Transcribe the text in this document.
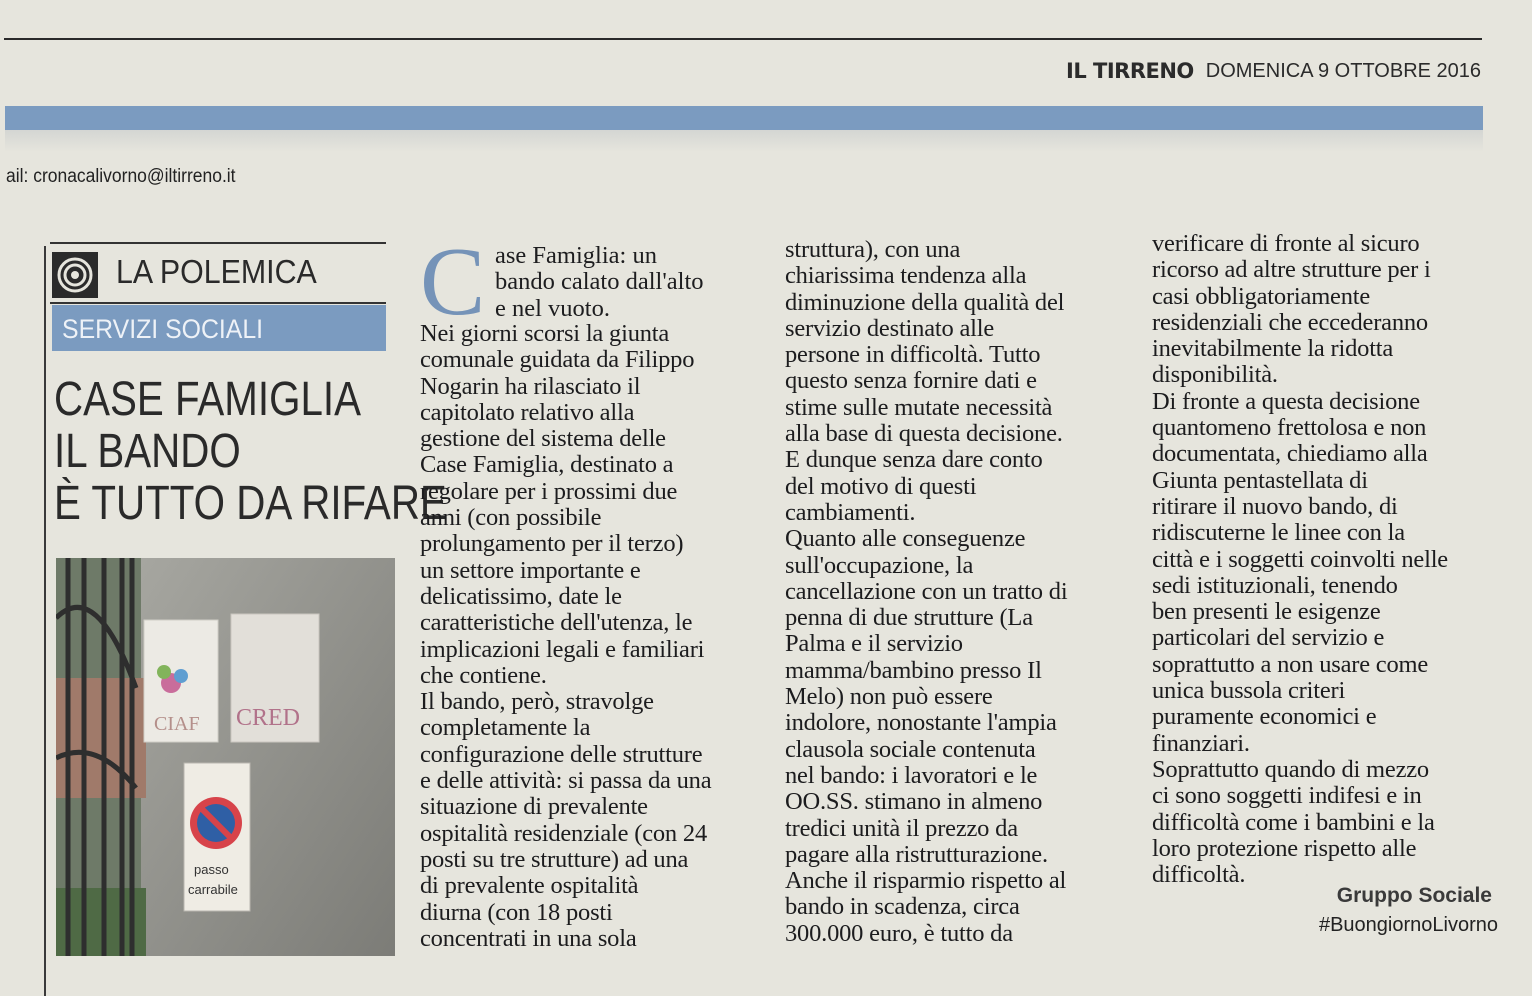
IL TIRRENO DOMENICA 9 OTTOBRE 2016
ail: cronacalivorno@iltirreno.it
LA POLEMICA
SERVIZI SOCIALI
CASE FAMIGLIA
IL BANDO
È TUTTO DA RIFARE
CIAF CRED
passo
carrabile
C ase Famiglia: un
bando calato dall'alto
e nel vuoto.
Nei giorni scorsi la giunta
comunale guidata da Filippo
Nogarin ha rilasciato il
capitolato relativo alla
gestione del sistema delle
Case Famiglia, destinato a
regolare per i prossimi due
anni (con possibile
prolungamento per il terzo)
un settore importante e
delicatissimo, date le
caratteristiche dell'utenza, le
implicazioni legali e familiari
che contiene.
Il bando, però, stravolge
completamente la
configurazione delle strutture
e delle attività: si passa da una
situazione di prevalente
ospitalità residenziale (con 24
posti su tre strutture) ad una
di prevalente ospitalità
diurna (con 18 posti
concentrati in una sola
struttura), con una
chiarissima tendenza alla
diminuzione della qualità del
servizio destinato alle
persone in difficoltà. Tutto
questo senza fornire dati e
stime sulle mutate necessità
alla base di questa decisione.
E dunque senza dare conto
del motivo di questi
cambiamenti.
Quanto alle conseguenze
sull'occupazione, la
cancellazione con un tratto di
penna di due strutture (La
Palma e il servizio
mamma/bambino presso Il
Melo) non può essere
indolore, nonostante l'ampia
clausola sociale contenuta
nel bando: i lavoratori e le
OO.SS. stimano in almeno
tredici unità il prezzo da
pagare alla ristrutturazione.
Anche il risparmio rispetto al
bando in scadenza, circa
300.000 euro, è tutto da
verificare di fronte al sicuro
ricorso ad altre strutture per i
casi obbligatoriamente
residenziali che eccederanno
inevitabilmente la ridotta
disponibilità.
Di fronte a questa decisione
quantomeno frettolosa e non
documentata, chiediamo alla
Giunta pentastellata di
ritirare il nuovo bando, di
ridiscuterne le linee con la
città e i soggetti coinvolti nelle
sedi istituzionali, tenendo
ben presenti le esigenze
particolari del servizio e
soprattutto a non usare come
unica bussola criteri
puramente economici e
finanziari.
Soprattutto quando di mezzo
ci sono soggetti indifesi e in
difficoltà come i bambini e la
loro protezione rispetto alle
difficoltà.
Gruppo Sociale
#BuongiornoLivorno
